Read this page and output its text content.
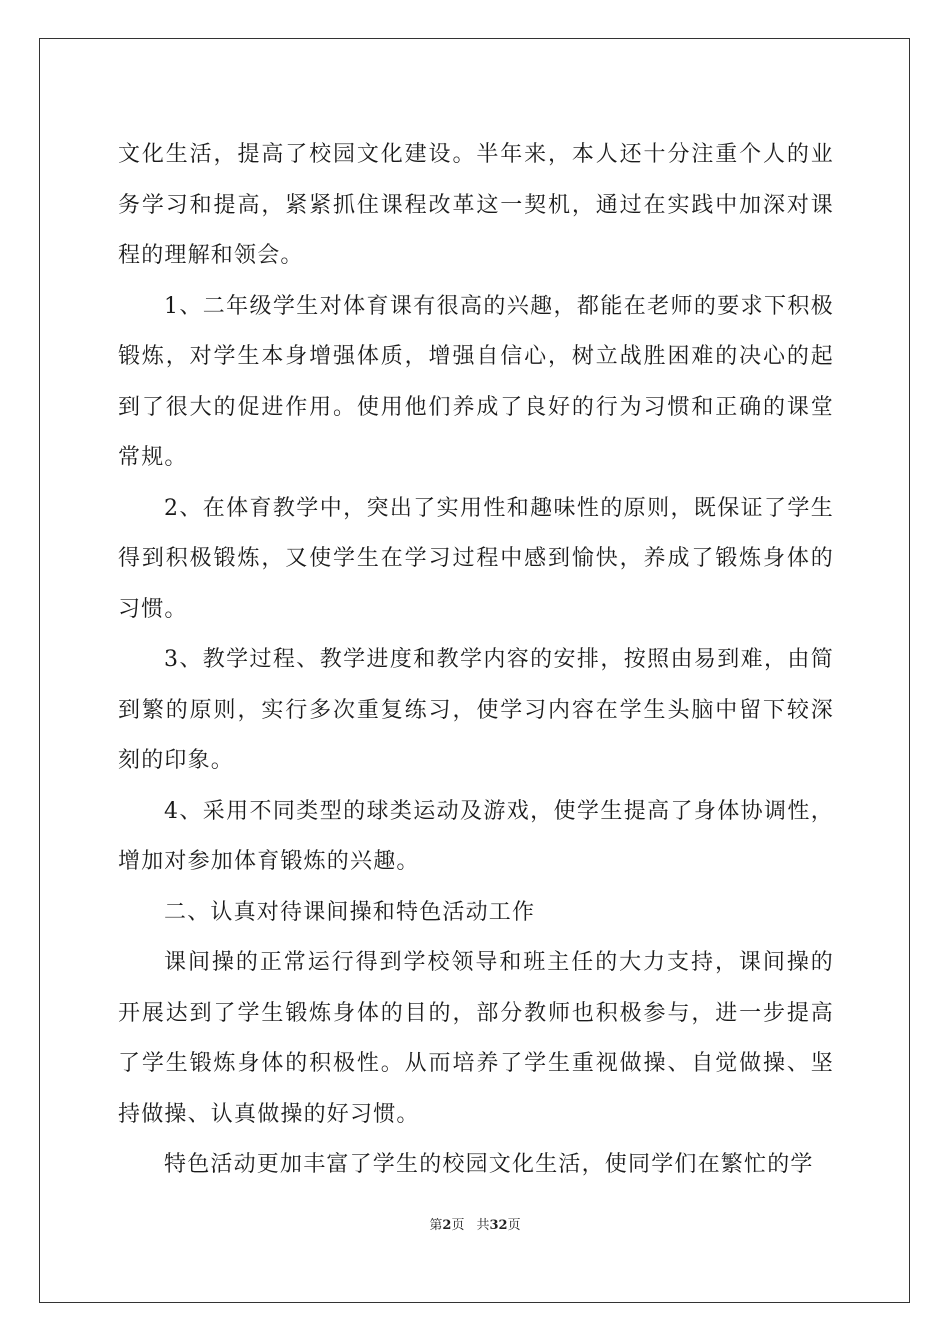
文化生活，提高了校园文化建设。半年来，本人还十分注重个人的业务学习和提高，紧紧抓住课程改革这一契机，通过在实践中加深对课程的理解和领会。

1、二年级学生对体育课有很高的兴趣，都能在老师的要求下积极锻炼，对学生本身增强体质，增强自信心，树立战胜困难的决心的起到了很大的促进作用。使用他们养成了良好的行为习惯和正确的课堂常规。

2、在体育教学中，突出了实用性和趣味性的原则，既保证了学生得到积极锻炼，又使学生在学习过程中感到愉快，养成了锻炼身体的习惯。

3、教学过程、教学进度和教学内容的安排，按照由易到难，由简到繁的原则，实行多次重复练习，使学习内容在学生头脑中留下较深刻的印象。

4、采用不同类型的球类运动及游戏，使学生提高了身体协调性，增加对参加体育锻炼的兴趣。

二、认真对待课间操和特色活动工作

课间操的正常运行得到学校领导和班主任的大力支持，课间操的开展达到了学生锻炼身体的目的，部分教师也积极参与，进一步提高了学生锻炼身体的积极性。从而培养了学生重视做操、自觉做操、坚持做操、认真做操的好习惯。

特色活动更加丰富了学生的校园文化生活，使同学们在繁忙的学

第2页 共32页
